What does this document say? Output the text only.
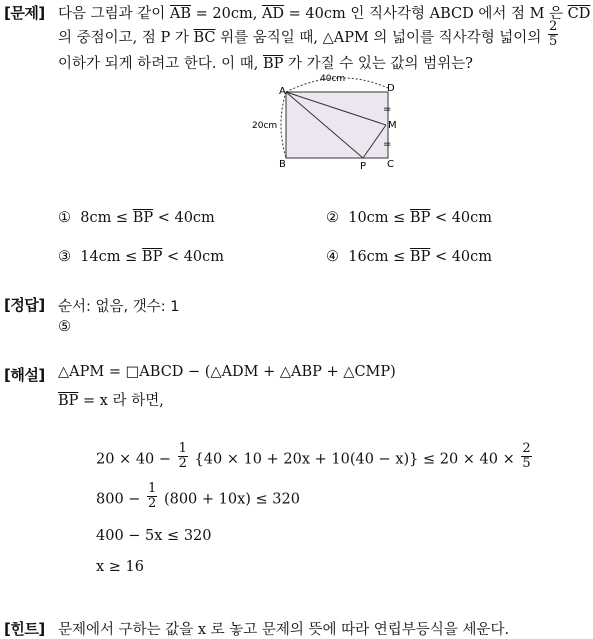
[문제] 다음 그림과 같이 $\overline{AB} = 20cm$, $\overline{AD} = 40cm$ 인 직사각형 ABCD 에서 점 M 은 $\overline{CD}$
의 중점이고, 점 P 가 $\overline{BC}$ 위를 움직일 때, △APM 의 넓이를 직사각형 넓이의 $\frac{2}{5}$
이하가 되게 하려고 한다. 이 때, $\overline{BP}$ 가 가질 수 있는 값의 범위는?
40cm
20cm
A
B	C
D
M
P
=
=
① $8cm \le \overline{BP} < 40cm$	② $10cm \le \overline{BP} < 40cm$
③ $14cm \le \overline{BP} < 40cm$	④ $16cm \le \overline{BP} < 40cm$
[정답] 순서: 없음, 갯수: 1
⑤
[해설] △APM = □ABCD − (△ADM + △ABP + △CMP)
$\overline{BP} = x$ 라 하면,
$20 \times 40 - \frac{1}{2} \{40 \times 10 + 20x + 10(40 - x)\} \le 20 \times 40 \times \frac{2}{5}$
$800 - \frac{1}{2} (800 + 10x) \le 320$
400 − 5x ≤ 320
x ≥ 16
[힌트] 문제에서 구하는 값을 x 로 놓고 문제의 뜻에 따라 연립부등식을 세운다.
